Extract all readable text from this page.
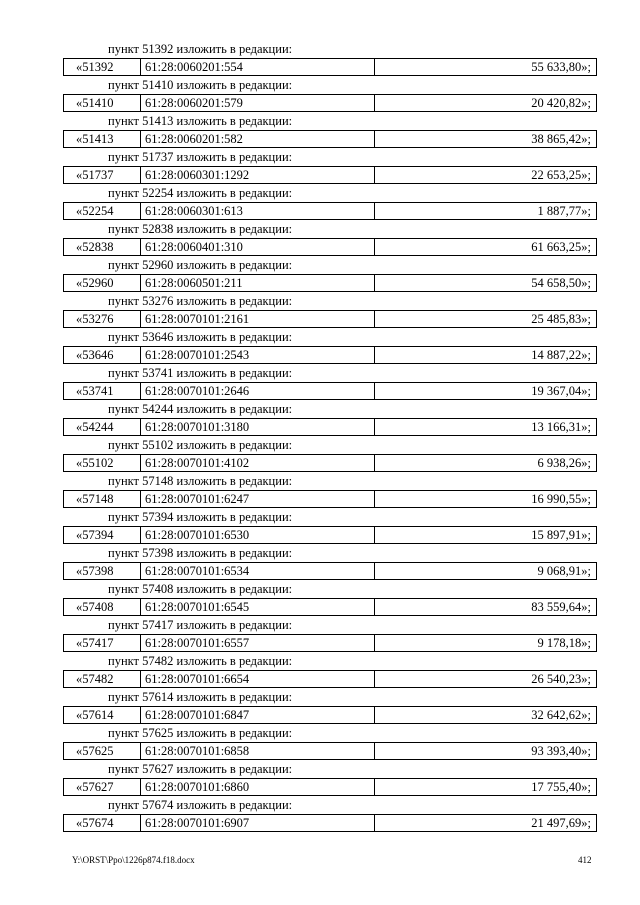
пункт 51392 изложить в редакции:
«51392	61:28:0060201:554	55 633,80»;
пункт 51410 изложить в редакции:
«51410	61:28:0060201:579	20 420,82»;
пункт 51413 изложить в редакции:
«51413	61:28:0060201:582	38 865,42»;
пункт 51737 изложить в редакции:
«51737	61:28:0060301:1292	22 653,25»;
пункт 52254 изложить в редакции:
«52254	61:28:0060301:613	1 887,77»;
пункт 52838 изложить в редакции:
«52838	61:28:0060401:310	61 663,25»;
пункт 52960 изложить в редакции:
«52960	61:28:0060501:211	54 658,50»;
пункт 53276 изложить в редакции:
«53276	61:28:0070101:2161	25 485,83»;
пункт 53646 изложить в редакции:
«53646	61:28:0070101:2543	14 887,22»;
пункт 53741 изложить в редакции:
«53741	61:28:0070101:2646	19 367,04»;
пункт 54244 изложить в редакции:
«54244	61:28:0070101:3180	13 166,31»;
пункт 55102 изложить в редакции:
«55102	61:28:0070101:4102	6 938,26»;
пункт 57148 изложить в редакции:
«57148	61:28:0070101:6247	16 990,55»;
пункт 57394 изложить в редакции:
«57394	61:28:0070101:6530	15 897,91»;
пункт 57398 изложить в редакции:
«57398	61:28:0070101:6534	9 068,91»;
пункт 57408 изложить в редакции:
«57408	61:28:0070101:6545	83 559,64»;
пункт 57417 изложить в редакции:
«57417	61:28:0070101:6557	9 178,18»;
пункт 57482 изложить в редакции:
«57482	61:28:0070101:6654	26 540,23»;
пункт 57614 изложить в редакции:
«57614	61:28:0070101:6847	32 642,62»;
пункт 57625 изложить в редакции:
«57625	61:28:0070101:6858	93 393,40»;
пункт 57627 изложить в редакции:
«57627	61:28:0070101:6860	17 755,40»;
пункт 57674 изложить в редакции:
«57674	61:28:0070101:6907	21 497,69»;
Y:\ORST\Ppo\1226p874.f18.docx	412
